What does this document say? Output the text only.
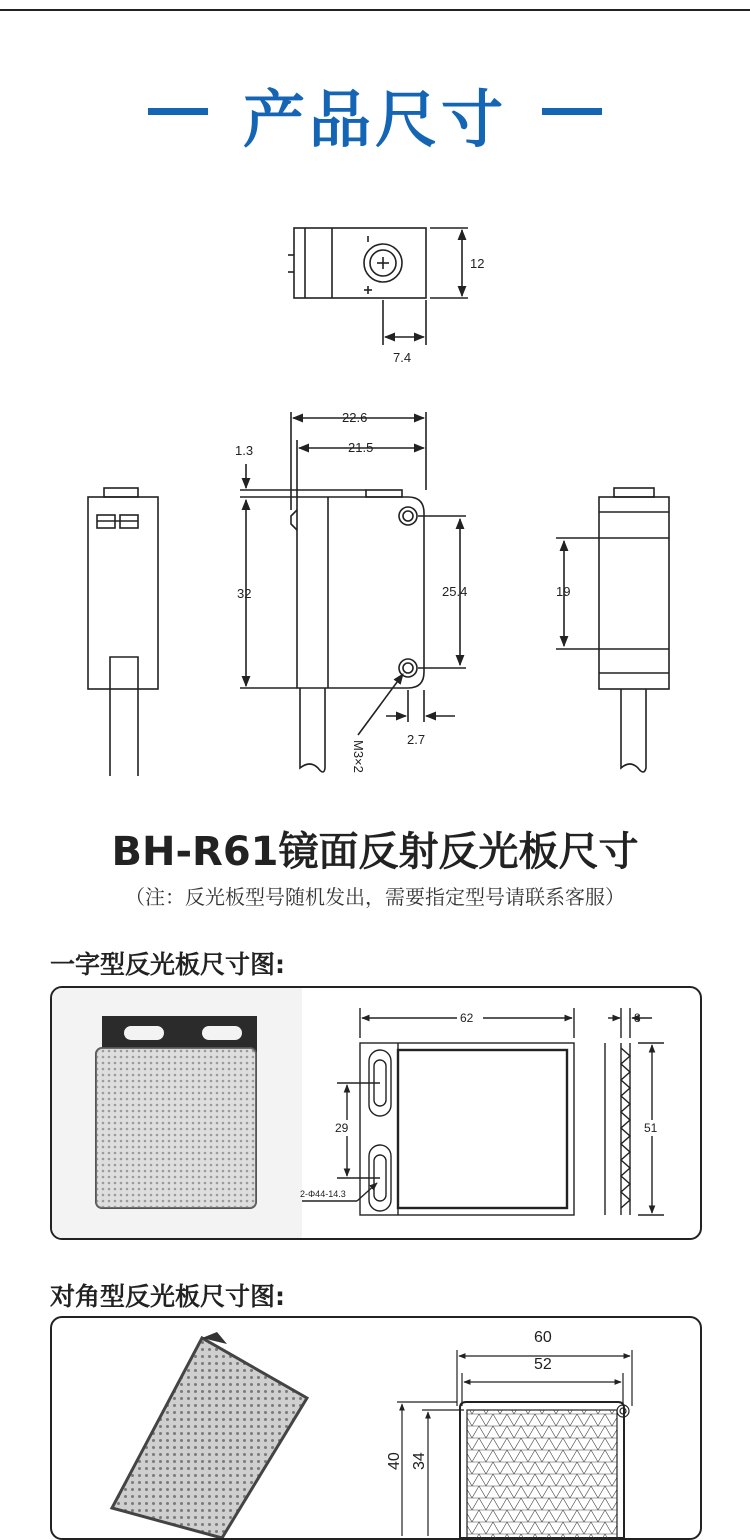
产品尺寸
12
7.4
22.6
21.5
1.3
32	25.4
2.7
M3×2
19
BH-R61镜面反射反光板尺寸
（注：反光板型号随机发出，需要指定型号请联系客服）
一字型反光板尺寸图:
62	8
29	51
2-Φ44-14.3
对角型反光板尺寸图:
60
52
40 34
